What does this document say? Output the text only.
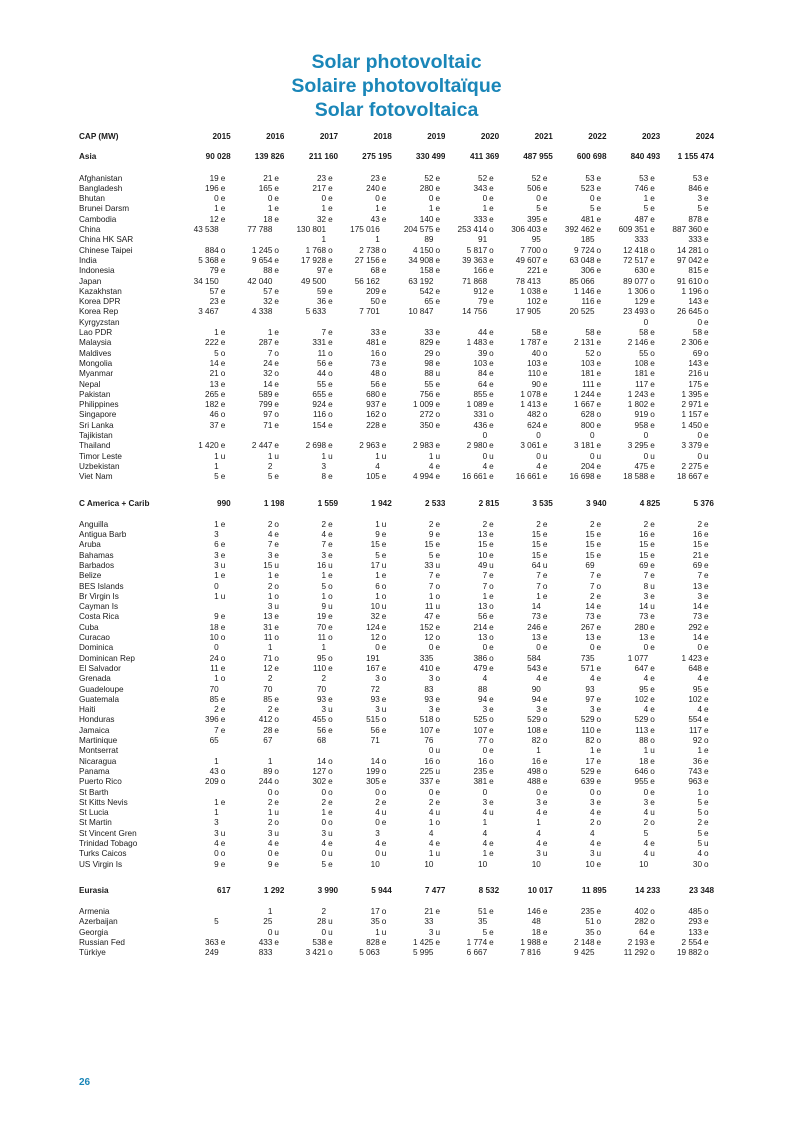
Solar photovoltaic
Solaire photovoltaïque
Solar fotovoltaica
CAP (MW)	2015	2016	2017	2018	2019	2020	2021	2022	2023	2024
Asia	90 028	139 826	211 160	275 195	330 499	411 369	487 955	600 698	840 493	1 155 474
Afghanistan	19 e	21 e	23 e	23 e	52 e	52 e	52 e	53 e	53 e	53 e
Bangladesh	196 e	165 e	217 e	240 e	280 e	343 e	506 e	523 e	746 e	846 e
Bhutan	0 e	0 e	0 e	0 e	0 e	0 e	0 e	0 e	1 e	3 e
Brunei Darsm	1 e	1 e	1 e	1 e	1 e	1 e	5 e	5 e	5 e	5 e
Cambodia	12 e	18 e	32 e	43 e	140 e	333 e	395 e	481 e	487 e	878 e
China	43 538	77 788	130 801	175 016	204 575 e	253 414 o	306 403 e	392 462 e	609 351 e	887 360 e
China HK SAR			1	1	89	91	95	185	333	333 e
Chinese Taipei	884 o	1 245 o	1 768 o	2 738 o	4 150 o	5 817 o	7 700 o	9 724 o	12 418 o	14 281 o
India	5 368 e	9 654 e	17 928 e	27 156 e	34 908 e	39 363 e	49 607 e	63 048 e	72 517 e	97 042 e
Indonesia	79 e	88 e	97 e	68 e	158 e	166 e	221 e	306 e	630 e	815 e
Japan	34 150	42 040	49 500	56 162	63 192	71 868	78 413	85 066	89 077 o	91 610 o
Kazakhstan	57 e	57 e	59 e	209 e	542 e	912 e	1 038 e	1 146 e	1 306 o	1 196 o
Korea DPR	23 e	32 e	36 e	50 e	65 e	79 e	102 e	116 e	129 e	143 e
Korea Rep	3 467	4 338	5 633	7 701	10 847	14 756	17 905	20 525	23 493 o	26 645 o
Kyrgyzstan									0	0 e
Lao PDR	1 e	1 e	7 e	33 e	33 e	44 e	58 e	58 e	58 e	58 e
Malaysia	222 e	287 e	331 e	481 e	829 e	1 483 e	1 787 e	2 131 e	2 146 e	2 306 e
Maldives	5 o	7 o	11 o	16 o	29 o	39 o	40 o	52 o	55 o	69 o
Mongolia	14 e	24 e	56 e	73 e	98 e	103 e	103 e	103 e	108 e	143 e
Myanmar	21 o	32 o	44 o	48 o	88 u	84 e	110 e	181 e	181 e	216 u
Nepal	13 e	14 e	55 e	56 e	55 e	64 e	90 e	111 e	117 e	175 e
Pakistan	265 e	589 e	655 e	680 e	756 e	855 e	1 078 e	1 244 e	1 243 e	1 395 e
Philippines	182 e	799 e	924 e	937 e	1 009 e	1 089 e	1 413 e	1 667 e	1 802 e	2 971 e
Singapore	46 o	97 o	116 o	162 o	272 o	331 o	482 o	628 o	919 o	1 157 e
Sri Lanka	37 e	71 e	154 e	228 e	350 e	436 e	624 e	800 e	958 e	1 450 e
Tajikistan						0	0	0	0	0 e
Thailand	1 420 e	2 447 e	2 698 e	2 963 e	2 983 e	2 980 e	3 061 e	3 181 e	3 295 e	3 379 e
Timor Leste	1 u	1 u	1 u	1 u	1 u	0 u	0 u	0 u	0 u	0 u
Uzbekistan	1	2	3	4	4 e	4 e	4 e	204 e	475 e	2 275 e
Viet Nam	5 e	5 e	8 e	105 e	4 994 e	16 661 e	16 661 e	16 698 e	18 588 e	18 667 e

C America + Carib	990	1 198	1 559	1 942	2 533	2 815	3 535	3 940	4 825	5 376
Anguilla	1 e	2 o	2 e	1 u	2 e	2 e	2 e	2 e	2 e	2 e
Antigua Barb	3	4 e	4 e	9 e	9 e	13 e	15 e	15 e	16 e	16 e
Aruba	6 e	7 e	7 e	15 e	15 e	15 e	15 e	15 e	15 e	15 e
Bahamas	3 e	3 e	3 e	5 e	5 e	10 e	15 e	15 e	15 e	21 e
Barbados	3 u	15 u	16 u	17 u	33 u	49 u	64 u	69	69 e	69 e
Belize	1 e	1 e	1 e	1 e	7 e	7 e	7 e	7 e	7 e	7 e
BES Islands	0	2 o	5 o	6 o	7 o	7 o	7 o	7 o	8 u	13 e
Br Virgin Is	1 u	1 o	1 o	1 o	1 o	1 e	1 e	2 e	3 e	3 e
Cayman Is		3 u	9 u	10 u	11 u	13 o	14	14 e	14 u	14 e
Costa Rica	9 e	13 e	19 e	32 e	47 e	56 e	73 e	73 e	73 e	73 e
Cuba	18 e	31 e	70 e	124 e	152 e	214 e	246 e	267 e	280 e	292 e
Curacao	10 o	11 o	11 o	12 o	12 o	13 o	13 e	13 e	13 e	14 e
Dominica	0	1	1	0 e	0 e	0 e	0 e	0 e	0 e	0 e
Dominican Rep	24 o	71 o	95 o	191	335	386 o	584	735	1 077	1 423 e
El Salvador	11 e	12 e	110 e	167 e	410 e	479 e	543 e	571 e	647 e	648 e
Grenada	1 o	2	2	3 o	3 o	4	4 e	4 e	4 e	4 e
Guadeloupe	70	70	70	72	83	88	90	93	95 e	95 e
Guatemala	85 e	85 e	93 e	93 e	93 e	94 e	94 e	97 e	102 e	102 e
Haiti	2 e	2 e	3 u	3 u	3 e	3 e	3 e	3 e	4 e	4 e
Honduras	396 e	412 o	455 o	515 o	518 o	525 o	529 o	529 o	529 o	554 e
Jamaica	7 e	28 e	56 e	56 e	107 e	107 e	108 e	110 e	113 e	117 e
Martinique	65	67	68	71	76	77 o	82 o	82 o	88 o	92 o
Montserrat					0 u	0 e	1	1 e	1 u	1 e
Nicaragua	1	1	14 o	14 o	16 o	16 o	16 e	17 e	18 e	36 e
Panama	43 o	89 o	127 o	199 o	225 u	235 e	498 o	529 e	646 o	743 e
Puerto Rico	209 o	244 o	302 e	305 e	337 e	381 e	488 e	639 e	955 e	963 e
St Barth		0 o	0 o	0 o	0 e	0	0 e	0 o	0 e	1 o
St Kitts Nevis	1 e	2 e	2 e	2 e	2 e	3 e	3 e	3 e	3 e	5 e
St Lucia	1	1 u	1 e	4 u	4 u	4 u	4 e	4 e	4 u	5 o
St Martin	3	2 o	0 o	0 e	1 o	1	1	2 o	2 o	2 e
St Vincent Gren	3 u	3 u	3 u	3	4	4	4	4	5	5 e
Trinidad Tobago	4 e	4 e	4 e	4 e	4 e	4 e	4 e	4 e	4 e	5 u
Turks Caicos	0 o	0 e	0 u	0 u	1 u	1 e	3 u	3 u	4 u	4 o
US Virgin Is	9 e	9 e	5 e	10	10	10	10	10 e	10	30 o

Eurasia	617	1 292	3 990	5 944	7 477	8 532	10 017	11 895	14 233	23 348
Armenia		1	2	17 o	21 e	51 e	146 e	235 e	402 o	485 o
Azerbaijan	5	25	28 u	35 o	33	35	48	51 o	282 o	293 e
Georgia		0 u	0 u	1 u	3 u	5 e	18 e	35 o	64 e	133 e
Russian Fed	363 e	433 e	538 e	828 e	1 425 e	1 774 e	1 988 e	2 148 e	2 193 e	2 554 e
Türkiye	249	833	3 421 o	5 063	5 995	6 667	7 816	9 425	11 292 o	19 882 o
26
